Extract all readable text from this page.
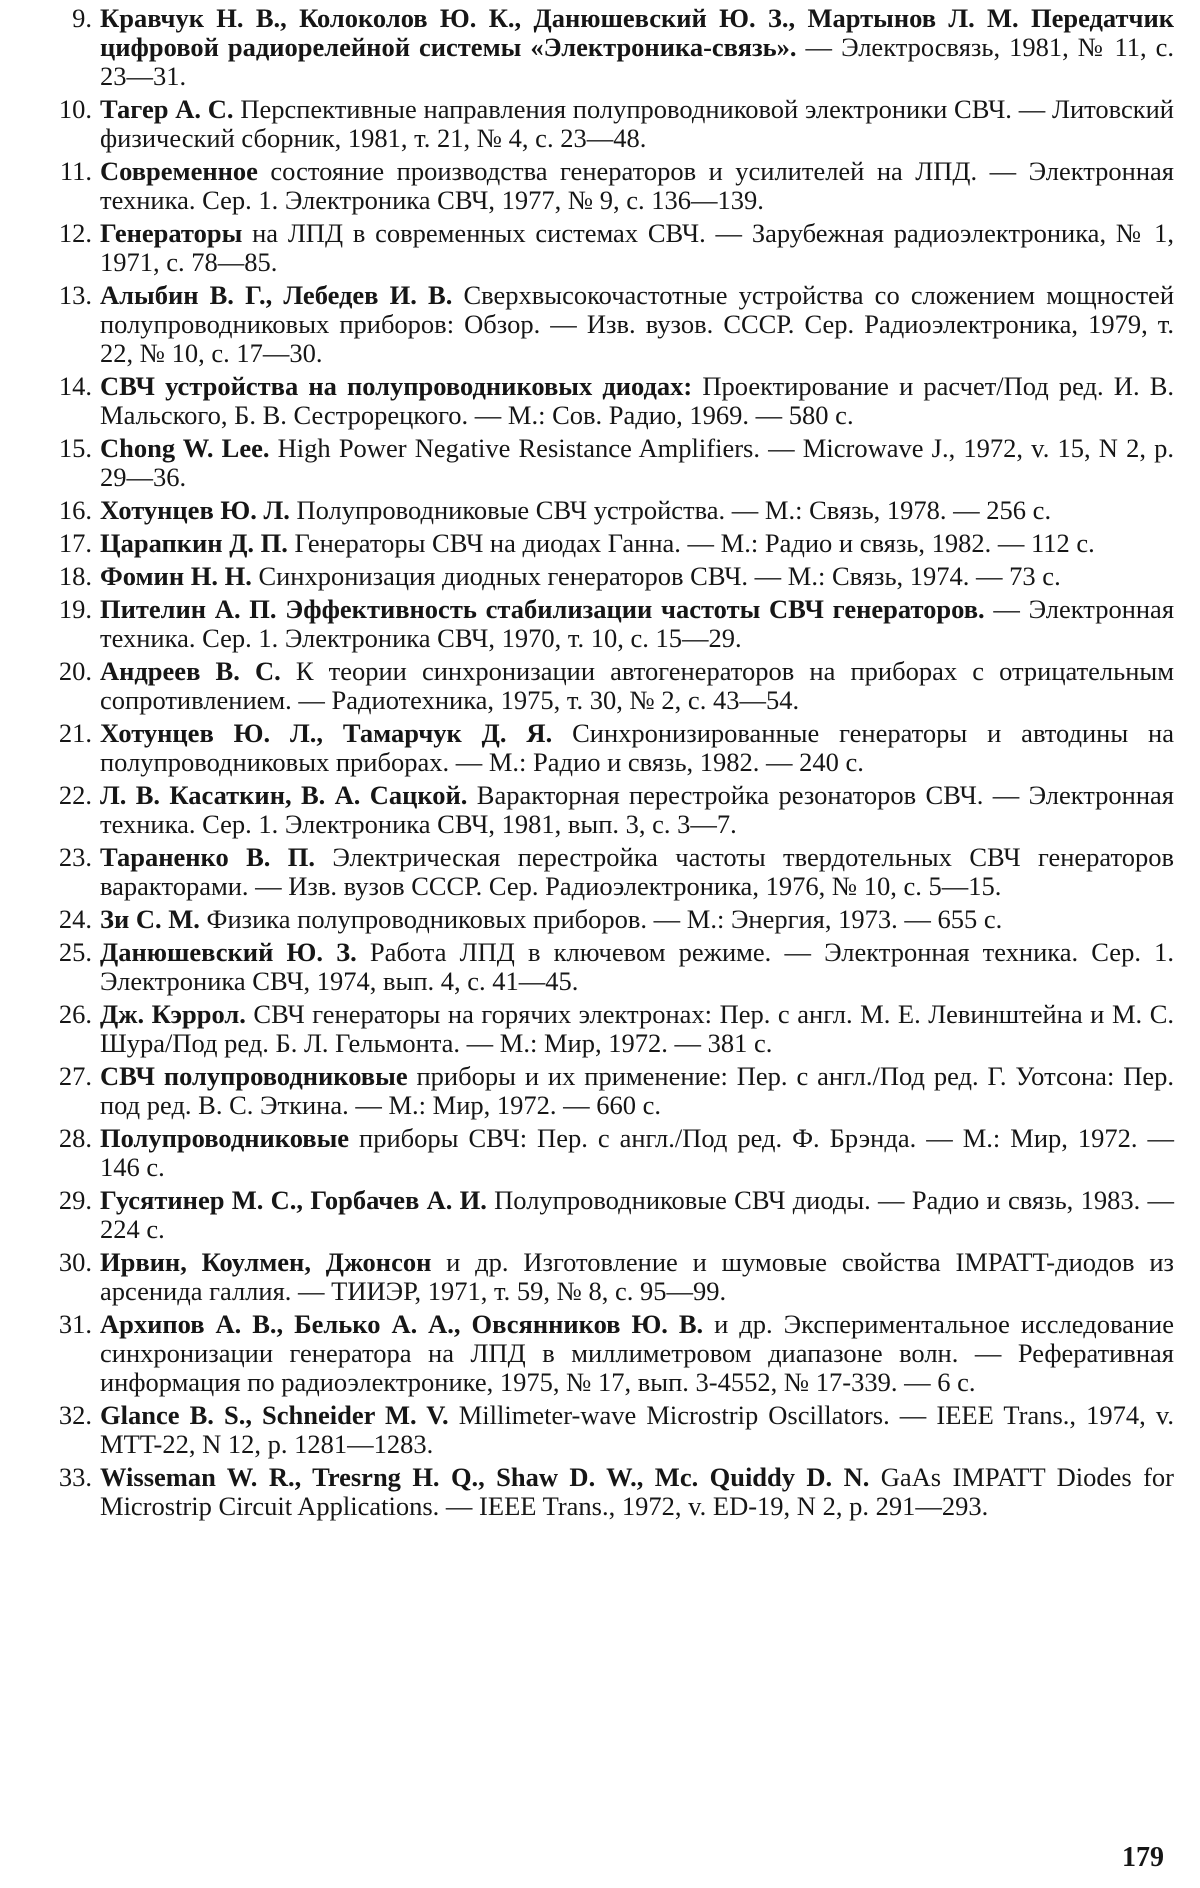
9. Кравчук Н. В., Колоколов Ю. К., Данюшевский Ю. З., Мартынов Л. М. Передатчик цифровой радиорелейной системы «Электроника-связь». — Электросвязь, 1981, № 11, с. 23—31.
10. Тагер А. С. Перспективные направления полупроводниковой электроники СВЧ. — Литовский физический сборник, 1981, т. 21, № 4, с. 23—48.
11. Современное состояние производства генераторов и усилителей на ЛПД. — Электронная техника. Сер. 1. Электроника СВЧ, 1977, № 9, с. 136—139.
12. Генераторы на ЛПД в современных системах СВЧ. — Зарубежная радиоэлектроника, № 1, 1971, с. 78—85.
13. Алыбин В. Г., Лебедев И. В. Сверхвысокочастотные устройства со сложением мощностей полупроводниковых приборов: Обзор. — Изв. вузов. СССР. Сер. Радиоэлектроника, 1979, т. 22, № 10, с. 17—30.
14. СВЧ устройства на полупроводниковых диодах: Проектирование и расчет/Под ред. И. В. Мальского, Б. В. Сестрорецкого. — М.: Сов. Радио, 1969. — 580 с.
15. Chong W. Lee. High Power Negative Resistance Amplifiers. — Microwave J., 1972, v. 15, N 2, p. 29—36.
16. Хотунцев Ю. Л. Полупроводниковые СВЧ устройства. — М.: Связь, 1978. — 256 с.
17. Царапкин Д. П. Генераторы СВЧ на диодах Ганна. — М.: Радио и связь, 1982. — 112 с.
18. Фомин Н. Н. Синхронизация диодных генераторов СВЧ. — М.: Связь, 1974. — 73 с.
19. Пителин А. П. Эффективность стабилизации частоты СВЧ генераторов. — Электронная техника. Сер. 1. Электроника СВЧ, 1970, т. 10, с. 15—29.
20. Андреев В. С. К теории синхронизации автогенераторов на приборах с отрицательным сопротивлением. — Радиотехника, 1975, т. 30, № 2, с. 43—54.
21. Хотунцев Ю. Л., Тамарчук Д. Я. Синхронизированные генераторы и автодины на полупроводниковых приборах. — М.: Радио и связь, 1982. — 240 с.
22. Л. В. Касаткин, В. А. Сацкой. Варакторная перестройка резонаторов СВЧ. — Электронная техника. Сер. 1. Электроника СВЧ, 1981, вып. 3, с. 3—7.
23. Тараненко В. П. Электрическая перестройка частоты твердотельных СВЧ генераторов варакторами. — Изв. вузов СССР. Сер. Радиоэлектроника, 1976, № 10, с. 5—15.
24. Зи С. М. Физика полупроводниковых приборов. — М.: Энергия, 1973. — 655 с.
25. Данюшевский Ю. З. Работа ЛПД в ключевом режиме. — Электронная техника. Сер. 1. Электроника СВЧ, 1974, вып. 4, с. 41—45.
26. Дж. Кэррол. СВЧ генераторы на горячих электронах: Пер. с англ. М. Е. Левинштейна и М. С. Шура/Под ред. Б. Л. Гельмонта. — М.: Мир, 1972. — 381 с.
27. СВЧ полупроводниковые приборы и их применение: Пер. с англ./Под ред. Г. Уотсона: Пер. под ред. В. С. Эткина. — М.: Мир, 1972. — 660 с.
28. Полупроводниковые приборы СВЧ: Пер. с англ./Под ред. Ф. Брэнда. — М.: Мир, 1972. — 146 с.
29. Гусятинер М. С., Горбачев А. И. Полупроводниковые СВЧ диоды. — Радио и связь, 1983. — 224 с.
30. Ирвин, Коулмен, Джонсон и др. Изготовление и шумовые свойства IMPATT-диодов из арсенида галлия. — ТИИЭР, 1971, т. 59, № 8, с. 95—99.
31. Архипов А. В., Белько А. А., Овсянников Ю. В. и др. Экспериментальное исследование синхронизации генератора на ЛПД в миллиметровом диапазоне волн. — Реферативная информация по радиоэлектронике, 1975, № 17, вып. 3-4552, № 17-339. — 6 с.
32. Glance B. S., Schneider M. V. Millimeter-wave Microstrip Oscillators. — IEEE Trans., 1974, v. MTT-22, N 12, p. 1281—1283.
33. Wisseman W. R., Tresrng H. Q., Shaw D. W., Mc. Quiddy D. N. GaAs IMPATT Diodes for Microstrip Circuit Applications. — IEEE Trans., 1972, v. ED-19, N 2, p. 291—293.
179
